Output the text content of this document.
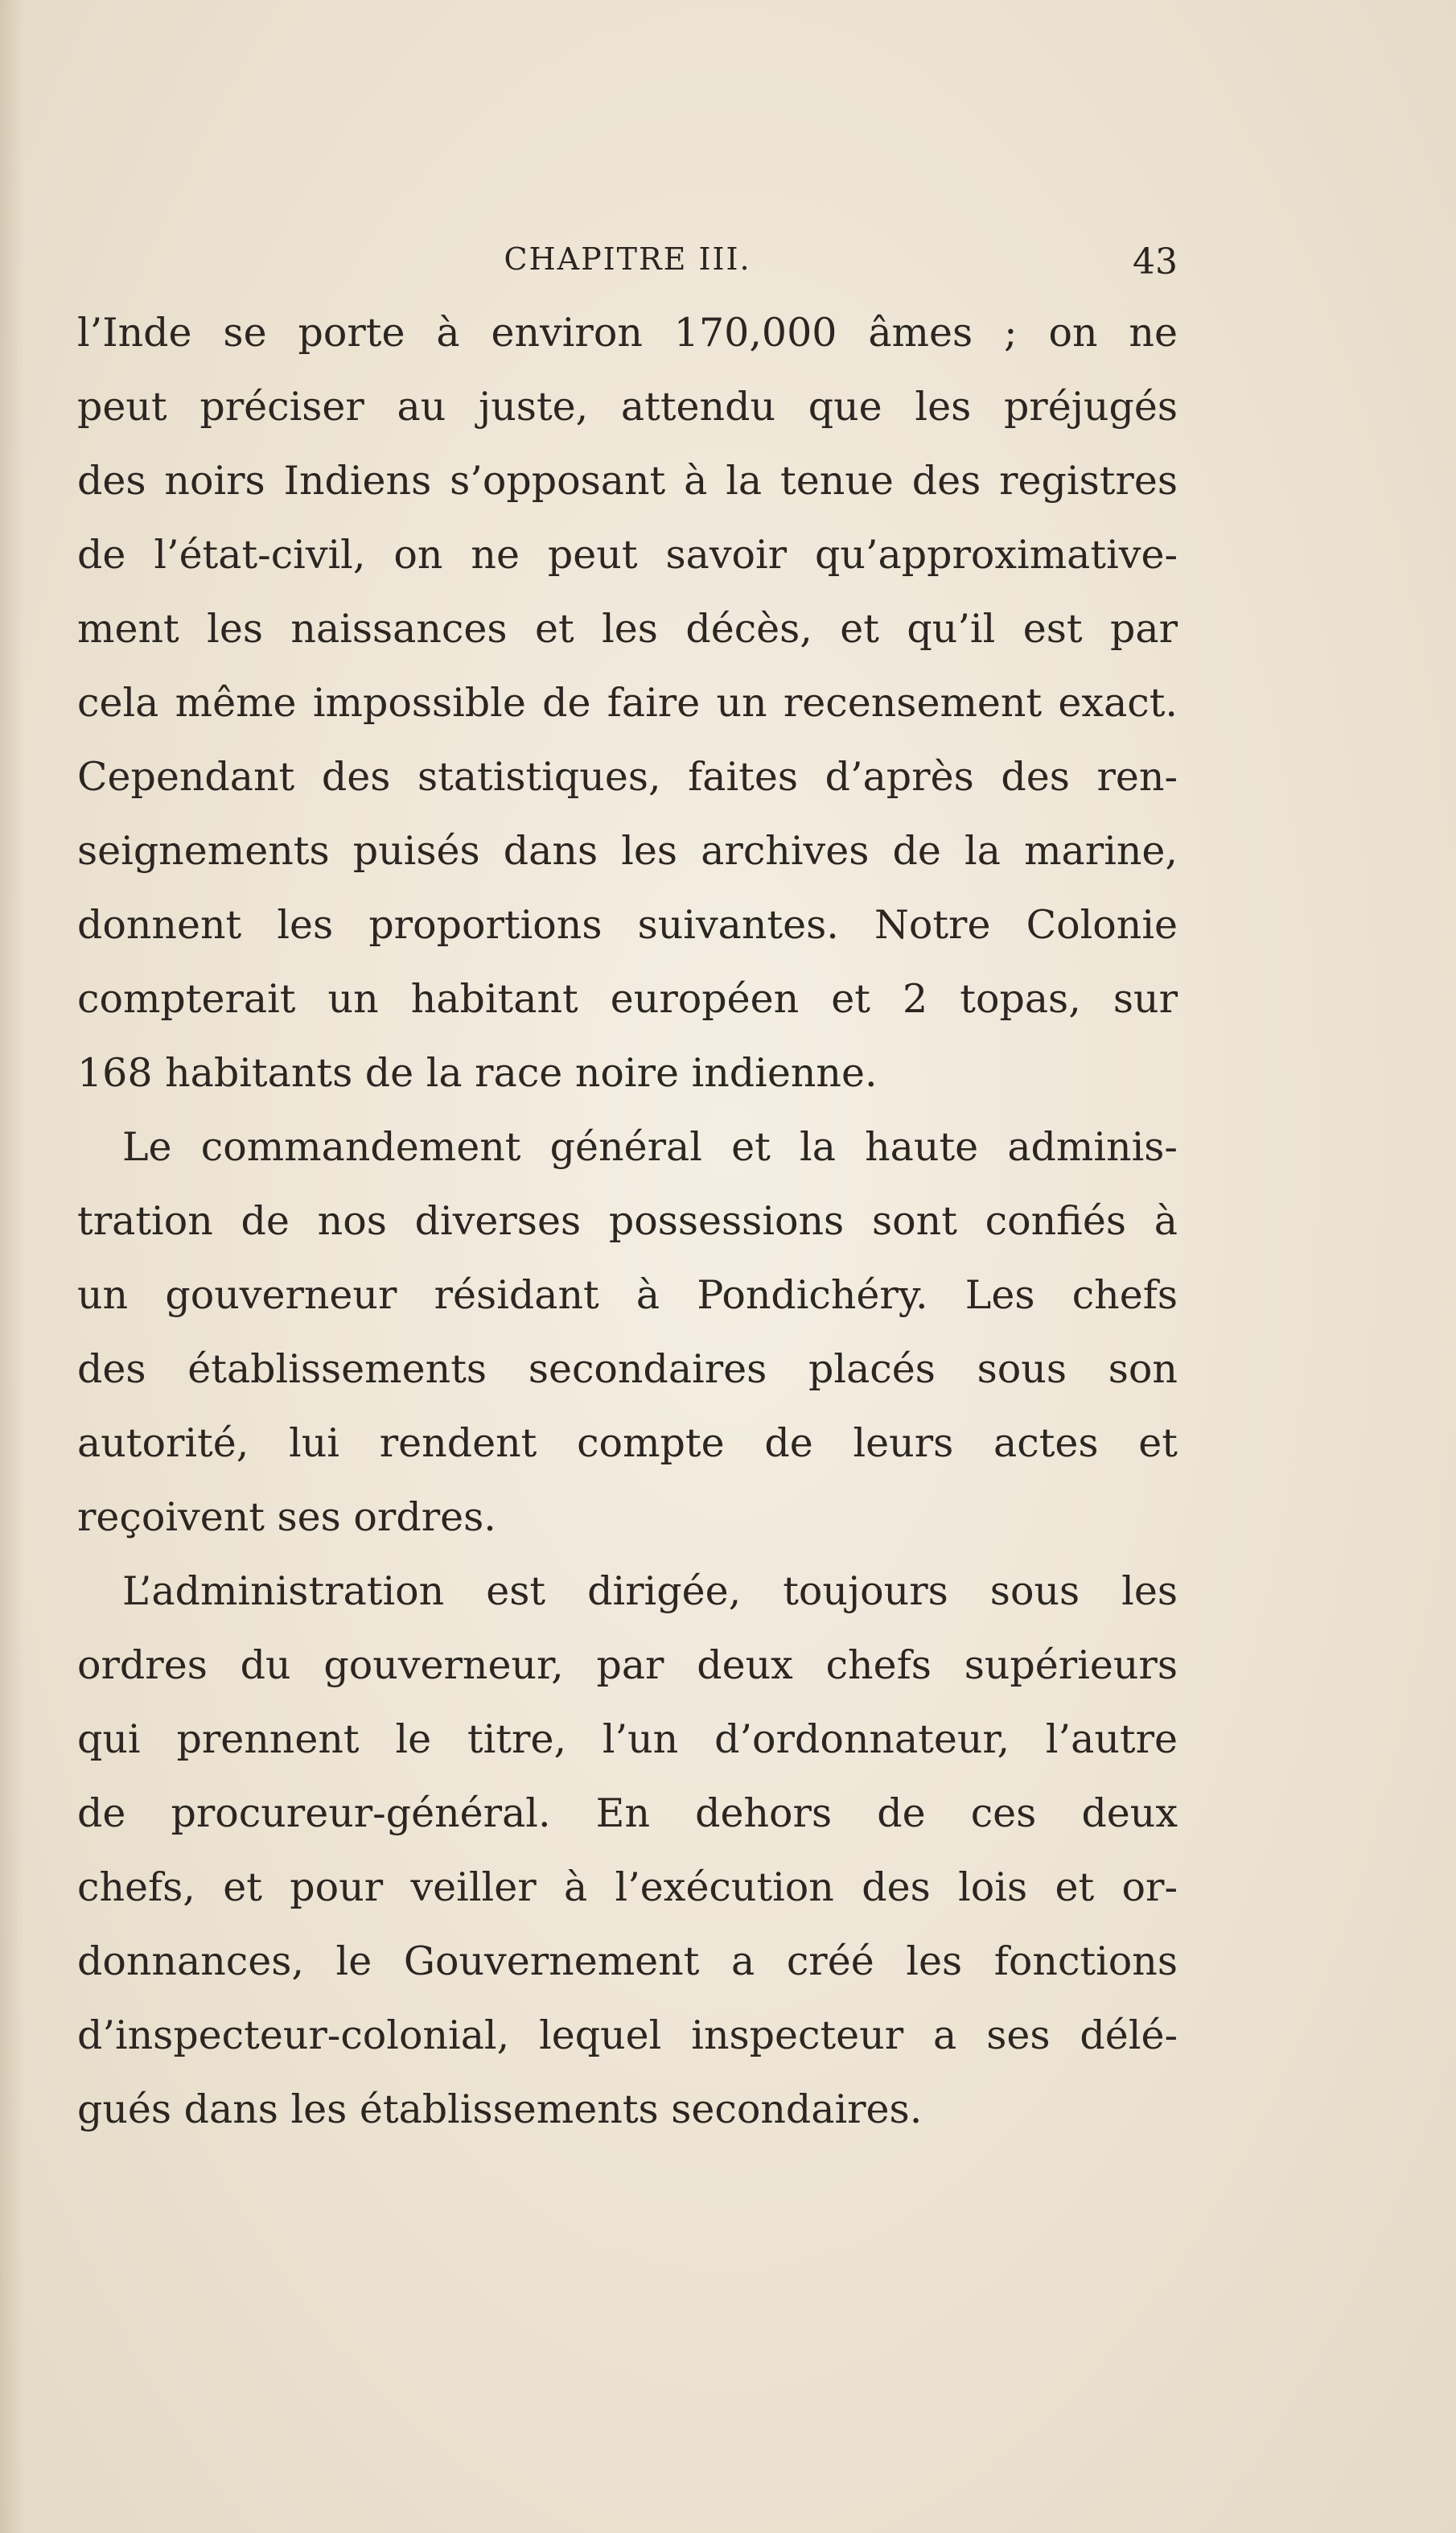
CHAPITRE III.	43
l’Inde se porte à environ 170,000 âmes ; on ne
peut préciser au juste, attendu que les préjugés
des noirs Indiens s’opposant à la tenue des registres
de l’état-civil, on ne peut savoir qu’approximative-
ment les naissances et les décès, et qu’il est par
cela même impossible de faire un recensement exact.
Cependant des statistiques, faites d’après des ren-
seignements puisés dans les archives de la marine,
donnent les proportions suivantes. Notre Colonie
compterait un habitant européen et 2 topas, sur
168 habitants de la race noire indienne.
Le commandement général et la haute adminis-
tration de nos diverses possessions sont confiés à
un gouverneur résidant à Pondichéry. Les chefs
des établissements secondaires placés sous son
autorité, lui rendent compte de leurs actes et
reçoivent ses ordres.
L’administration est dirigée, toujours sous les
ordres du gouverneur, par deux chefs supérieurs
qui prennent le titre, l’un d’ordonnateur, l’autre
de procureur-général. En dehors de ces deux
chefs, et pour veiller à l’exécution des lois et or-
donnances, le Gouvernement a créé les fonctions
d’inspecteur-colonial, lequel inspecteur a ses délé-
gués dans les établissements secondaires.
